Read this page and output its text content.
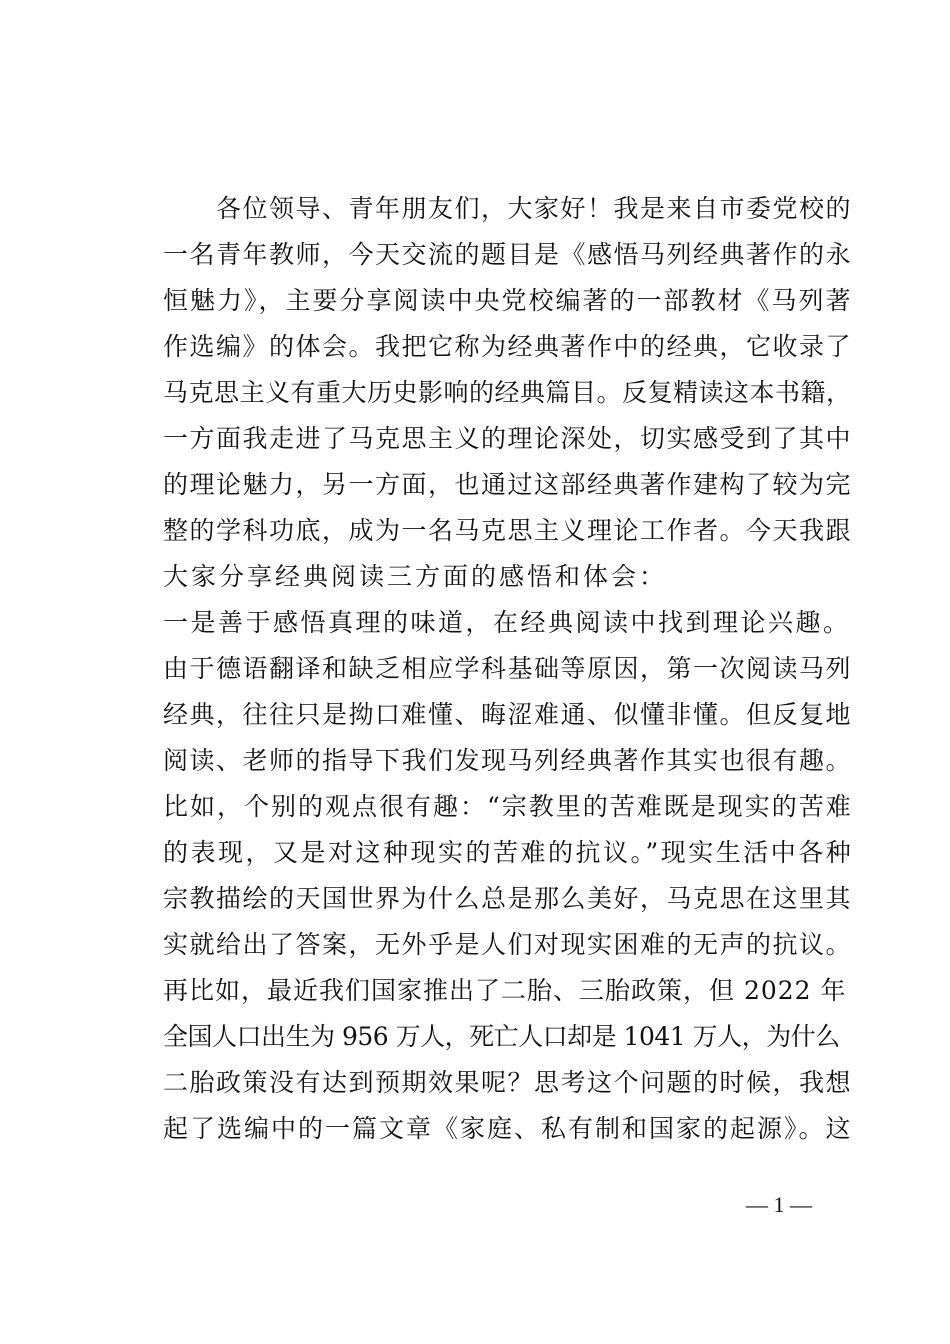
　　各位领导、青年朋友们，大家好！我是来自市委党校的
一名青年教师，今天交流的题目是《感悟马列经典著作的永
恒魅力》，主要分享阅读中央党校编著的一部教材《马列著
作选编》的体会。我把它称为经典著作中的经典，它收录了
马克思主义有重大历史影响的经典篇目。反复精读这本书籍，
一方面我走进了马克思主义的理论深处，切实感受到了其中
的理论魅力，另一方面，也通过这部经典著作建构了较为完
整的学科功底，成为一名马克思主义理论工作者。今天我跟
大家分享经典阅读三方面的感悟和体会：
一是善于感悟真理的味道，在经典阅读中找到理论兴趣。
由于德语翻译和缺乏相应学科基础等原因，第一次阅读马列
经典，往往只是拗口难懂、晦涩难通、似懂非懂。但反复地
阅读、老师的指导下我们发现马列经典著作其实也很有趣。
比如，个别的观点很有趣：“宗教里的苦难既是现实的苦难
的表现，又是对这种现实的苦难的抗议。”现实生活中各种
宗教描绘的天国世界为什么总是那么美好，马克思在这里其
实就给出了答案，无外乎是人们对现实困难的无声的抗议。
再比如，最近我们国家推出了二胎、三胎政策，但 2022 年
全国人口出生为 956 万人，死亡人口却是 1041 万人，为什么
二胎政策没有达到预期效果呢？思考这个问题的时候，我想
起了选编中的一篇文章《家庭、私有制和国家的起源》。这
— 1 —
